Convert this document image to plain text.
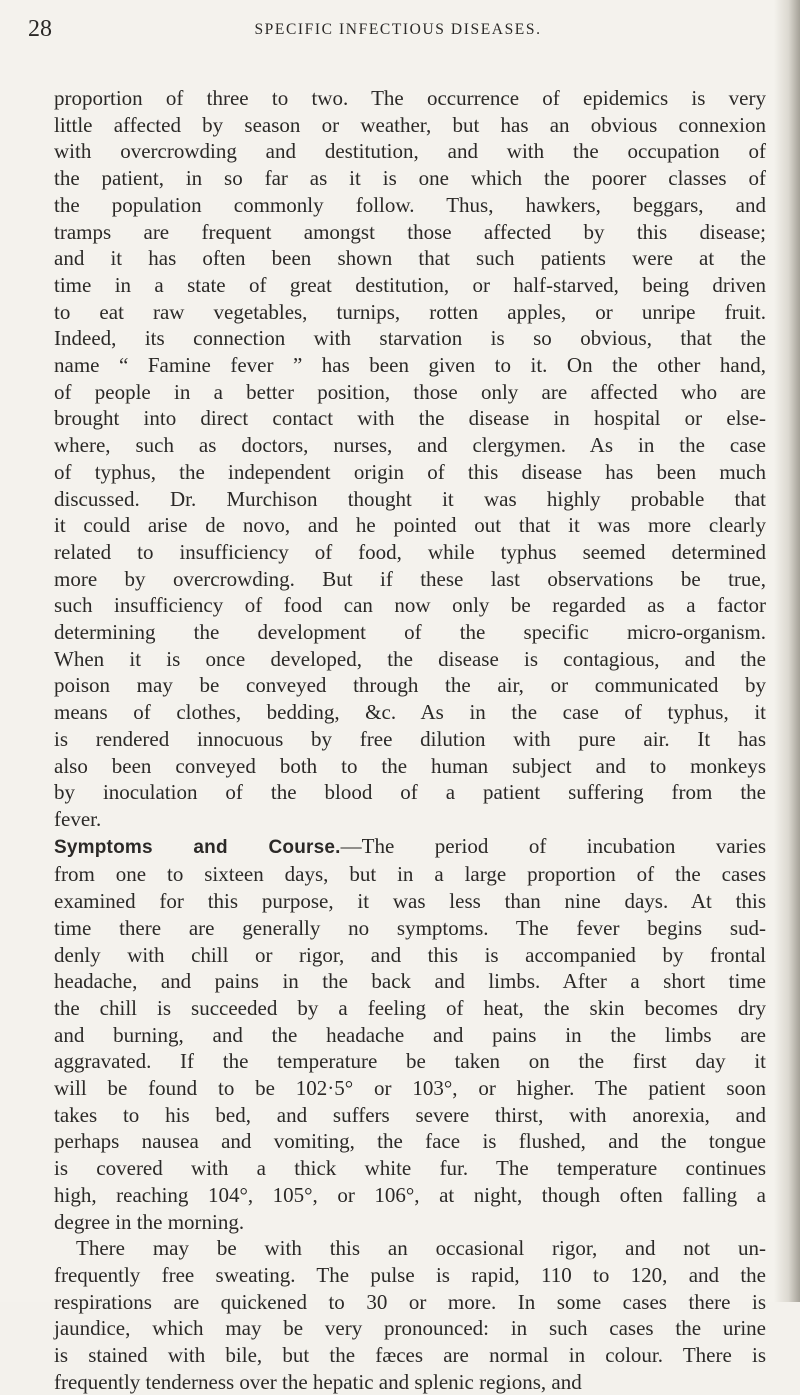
28	SPECIFIC INFECTIOUS DISEASES.
proportion of three to two. The occurrence of epidemics is very
little affected by season or weather, but has an obvious connexion
with overcrowding and destitution, and with the occupation of
the patient, in so far as it is one which the poorer classes of
the population commonly follow. Thus, hawkers, beggars, and
tramps are frequent amongst those affected by this disease;
and it has often been shown that such patients were at the
time in a state of great destitution, or half-starved, being driven
to eat raw vegetables, turnips, rotten apples, or unripe fruit.
Indeed, its connection with starvation is so obvious, that the
name “ Famine fever ” has been given to it. On the other hand,
of people in a better position, those only are affected who are
brought into direct contact with the disease in hospital or else-
where, such as doctors, nurses, and clergymen. As in the case
of typhus, the independent origin of this disease has been much
discussed. Dr. Murchison thought it was highly probable that
it could arise de novo, and he pointed out that it was more clearly
related to insufficiency of food, while typhus seemed determined
more by overcrowding. But if these last observations be true,
such insufficiency of food can now only be regarded as a factor
determining the development of the specific micro-organism.
When it is once developed, the disease is contagious, and the
poison may be conveyed through the air, or communicated by
means of clothes, bedding, &c. As in the case of typhus, it
is rendered innocuous by free dilution with pure air. It has
also been conveyed both to the human subject and to monkeys
by inoculation of the blood of a patient suffering from the
fever.
Symptoms and Course.—The period of incubation varies
from one to sixteen days, but in a large proportion of the cases
examined for this purpose, it was less than nine days. At this
time there are generally no symptoms. The fever begins sud-
denly with chill or rigor, and this is accompanied by frontal
headache, and pains in the back and limbs. After a short time
the chill is succeeded by a feeling of heat, the skin becomes dry
and burning, and the headache and pains in the limbs are
aggravated. If the temperature be taken on the first day it
will be found to be 102·5° or 103°, or higher. The patient soon
takes to his bed, and suffers severe thirst, with anorexia, and
perhaps nausea and vomiting, the face is flushed, and the tongue
is covered with a thick white fur. The temperature continues
high, reaching 104°, 105°, or 106°, at night, though often falling a
degree in the morning.
There may be with this an occasional rigor, and not un-
frequently free sweating. The pulse is rapid, 110 to 120, and the
respirations are quickened to 30 or more. In some cases there is
jaundice, which may be very pronounced: in such cases the urine
is stained with bile, but the fæces are normal in colour. There is
frequently tenderness over the hepatic and splenic regions, and
